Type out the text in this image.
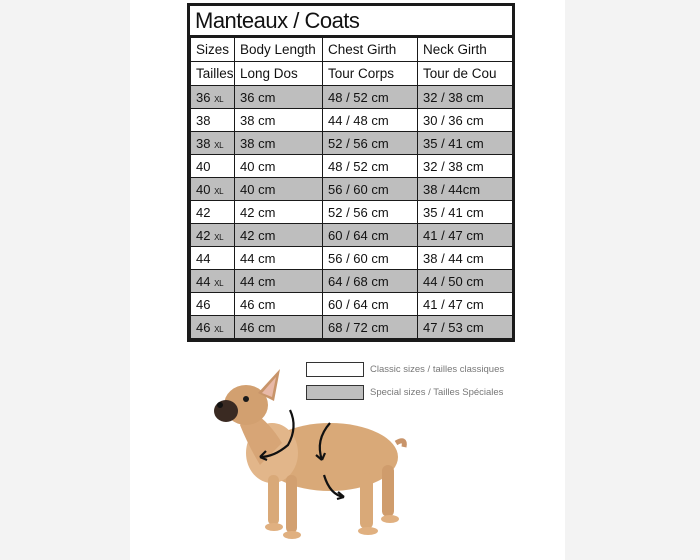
Manteaux / Coats
Sizes	Body Length	Chest Girth	Neck Girth
Tailles	Long Dos	Tour Corps	Tour de Cou
36 XL	36 cm	48 / 52 cm	32 / 38 cm
38	38 cm	44 / 48 cm	30 / 36 cm
38 XL	38 cm	52 / 56 cm	35 / 41 cm
40	40 cm	48 / 52 cm	32 / 38 cm
40 XL	40 cm	56 / 60 cm	38 / 44cm
42	42 cm	52 / 56 cm	35 / 41 cm
42 XL	42 cm	60 / 64 cm	41 / 47 cm
44	44 cm	56 / 60 cm	38 / 44 cm
44 XL	44 cm	64 / 68 cm	44 / 50 cm
46	46 cm	60 / 64 cm	41 / 47 cm
46 XL	46 cm	68 / 72 cm	47 / 53 cm
Classic sizes / tailles classiques
Special sizes / Tailles Spéciales
